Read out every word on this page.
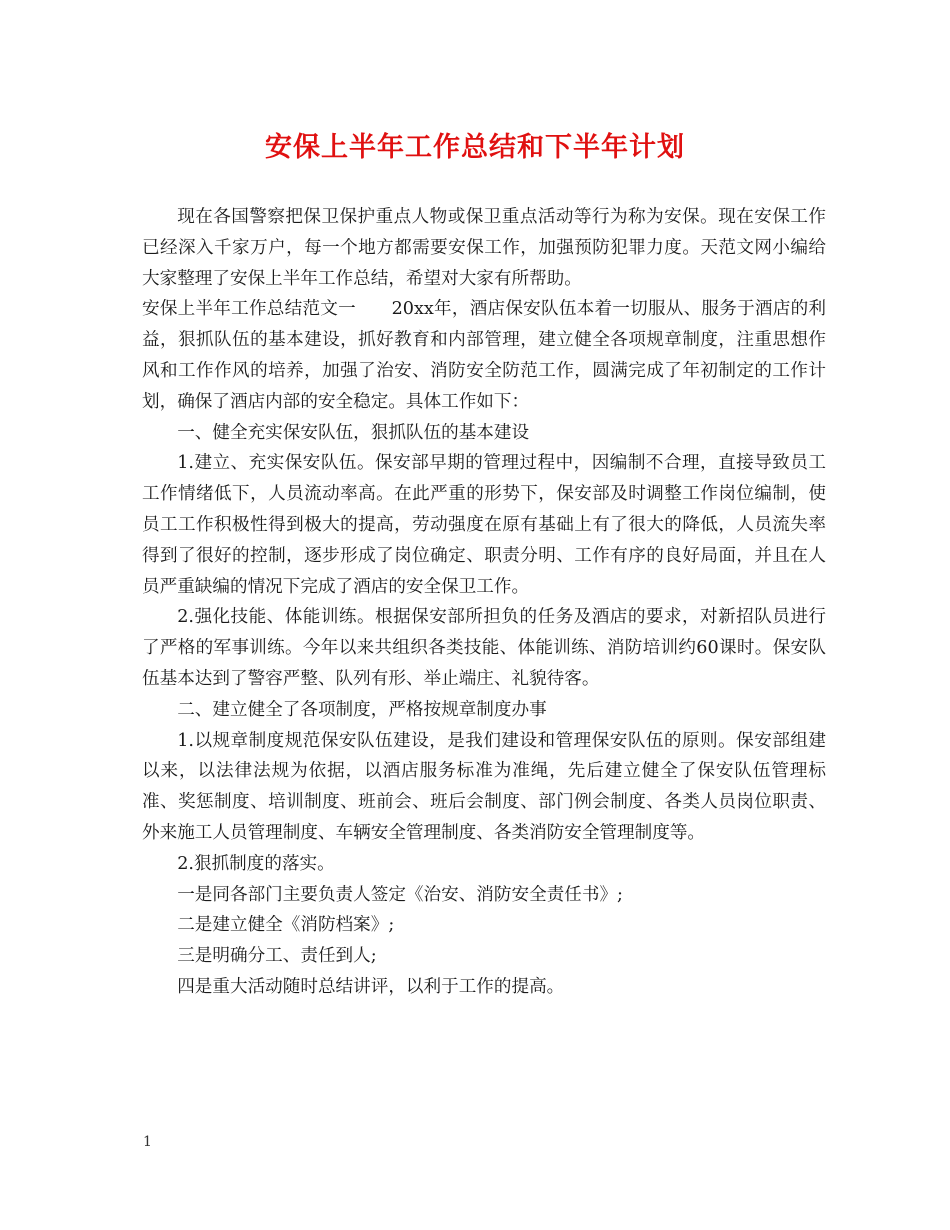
安保上半年工作总结和下半年计划

现在各国警察把保卫保护重点人物或保卫重点活动等行为称为安保。现在安保工作已经深入千家万户，每一个地方都需要安保工作，加强预防犯罪力度。天范文网小编给大家整理了安保上半年工作总结，希望对大家有所帮助。

安保上半年工作总结范文一　　20xx年，酒店保安队伍本着一切服从、服务于酒店的利益，狠抓队伍的基本建设，抓好教育和内部管理，建立健全各项规章制度，注重思想作风和工作作风的培养，加强了治安、消防安全防范工作，圆满完成了年初制定的工作计划，确保了酒店内部的安全稳定。具体工作如下：

一、健全充实保安队伍，狠抓队伍的基本建设

1.建立、充实保安队伍。保安部早期的管理过程中，因编制不合理，直接导致员工工作情绪低下，人员流动率高。在此严重的形势下，保安部及时调整工作岗位编制，使员工工作积极性得到极大的提高，劳动强度在原有基础上有了很大的降低，人员流失率得到了很好的控制，逐步形成了岗位确定、职责分明、工作有序的良好局面，并且在人员严重缺编的情况下完成了酒店的安全保卫工作。

2.强化技能、体能训练。根据保安部所担负的任务及酒店的要求，对新招队员进行了严格的军事训练。今年以来共组织各类技能、体能训练、消防培训约60课时。保安队伍基本达到了警容严整、队列有形、举止端庄、礼貌待客。

二、建立健全了各项制度，严格按规章制度办事

1.以规章制度规范保安队伍建设，是我们建设和管理保安队伍的原则。保安部组建以来，以法律法规为依据，以酒店服务标准为准绳，先后建立健全了保安队伍管理标准、奖惩制度、培训制度、班前会、班后会制度、部门例会制度、各类人员岗位职责、外来施工人员管理制度、车辆安全管理制度、各类消防安全管理制度等。

2.狠抓制度的落实。

一是同各部门主要负责人签定《治安、消防安全责任书》;

二是建立健全《消防档案》;

三是明确分工、责任到人;

四是重大活动随时总结讲评，以利于工作的提高。

1
